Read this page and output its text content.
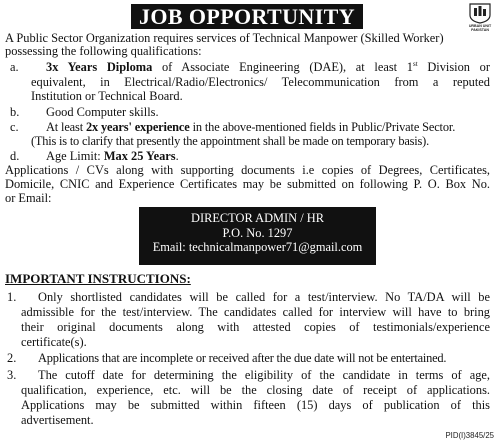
JOB OPPORTUNITY	URBAN UNIT
PAKISTAN
A Public Sector Organization requires services of Technical Manpower (Skilled Worker)
possessing the following qualifications:
a. 3x Years Diploma of Associate Engineering (DAE), at least 1st Division or
equivalent, in Electrical/Radio/Electronics/ Telecommunication from a reputed
Institution or Technical Board.
b. Good Computer skills.
c. At least 2x years' experience in the above-mentioned fields in Public/Private Sector.
(This is to clarify that presently the appointment shall be made on temporary basis).
d. Age Limit: Max 25 Years.
Applications / CVs along with supporting documents i.e copies of Degrees, Certificates,
Domicile, CNIC and Experience Certificates may be submitted on following P. O. Box No.
or Email:
DIRECTOR ADMIN / HR
P.O. No. 1297
Email: technicalmanpower71@gmail.com
IMPORTANT INSTRUCTIONS:
1. Only shortlisted candidates will be called for a test/interview. No TA/DA will be
admissible for the test/interview. The candidates called for interview will have to bring
their original documents along with attested copies of testimonials/experience
certificate(s).
2. Applications that are incomplete or received after the due date will not be entertained.
3. The cutoff date for determining the eligibility of the candidate in terms of age,
qualification, experience, etc. will be the closing date of receipt of applications.
Applications may be submitted within fifteen (15) days of publication of this
advertisement.
PID(I)3845/25
